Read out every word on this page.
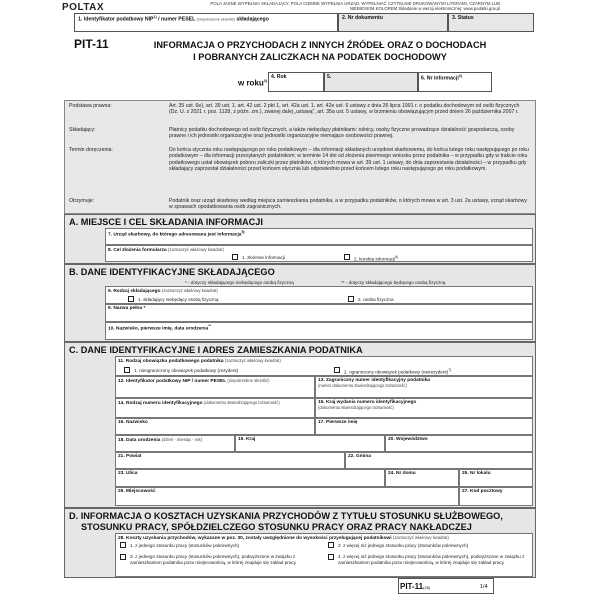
POLTAX	POLA JASNE WYPEŁNIA SKŁADAJĄCY, POLA CIEMNE WYPEŁNIA URZĄD. WYPEŁNIAĆ CZYTELNIE DRUKOWANYMI LITERAMI, CZARNYM LUB NIEBIESKIM KOLOREM Składanie w wersji elektronicznej: www.podatki.gov.pl
1. Identyfikator podatkowy NIP$^{1)}$ / numer PESEL (niepotrzebne skreślić) składającego	2. Nr dokumentu	3. Status
PIT-11	INFORMACJA O PRZYCHODACH Z INNYCH ŹRÓDEŁ ORAZ O DOCHODACH
I POBRANYCH ZALICZKACH NA PODATEK DOCHODOWY
w roku$^{2)}$
4. Rok	5.	6. Nr informacji$^{3)}$
Podstawa prawna:	Art. 35 ust. 6e), art. 39 ust. 1, art. 42 ust. 2 pkt 1, art. 42a ust. 1, art. 42e ust. 6 ustawy z dnia 26 lipca 1991 r. o podatku dochodowym od osób fizycznych (Dz. U. z 2021 r. poz. 1128, z późn. zm.), zwanej dalej „ustawą", art. 35a ust. 5 ustawy, w brzmieniu obowiązującym przed dniem 26 października 2007 r.
Składający:	Płatnicy podatku dochodowego od osób fizycznych, a także niebędący płatnikami: rolnicy, osoby fizyczne prowadzące działalność gospodarczą, osoby prawne i ich jednostki organizacyjne oraz jednostki organizacyjne niemające osobowości prawnej.
Termin doręczenia:	Do końca stycznia roku następującego po roku podatkowym – dla informacji składanych urzędowi skarbowemu, do końca lutego roku następującego po roku podatkowym – dla informacji przesyłanych podatnikom; w terminie 14 dni od złożenia pisemnego wniosku przez podatnika – w przypadku gdy w trakcie roku podatkowego ustał obowiązek poboru zaliczki przez płatników, o których mowa w art. 39 ust. 1 ustawy, do dnia zaprzestania działalności – w przypadku gdy składający zaprzestał działalności przed końcem stycznia lub odpowiednio przed końcem lutego roku następującego po roku podatkowym.
Otrzymuje:	Podatnik oraz urząd skarbowy według miejsca zamieszkania podatnika, a w przypadku podatników, o których mowa w art. 3 ust. 2a ustawy, urząd skarbowy w sprawach opodatkowania osób zagranicznych.
A. MIEJSCE I CEL SKŁADANIA INFORMACJI
7. Urząd skarbowy, do którego adresowana jest informacja$^{5)}$
8. Cel złożenia formularza (zaznaczyć właściwy kwadrat)
1. złożenie informacji	2. korekta informacji$^{6)}$
B. DANE IDENTYFIKACYJNE SKŁADAJĄCEGO
* - dotyczy składającego niebędącego osobą fizyczną	** - dotyczy składającego będącego osobą fizyczną
9. Rodzaj składającego (zaznaczyć właściwy kwadrat)
1. składający niebędący osobą fizyczną	2. osoba fizyczna
9. Nazwa pełna *
10. Nazwisko, pierwsze imię, data urodzenia**
C. DANE IDENTYFIKACYJNE I ADRES ZAMIESZKANIA PODATNIKA
11. Rodzaj obowiązku podatkowego podatnika (zaznaczyć właściwy kwadrat)
1. nieograniczony obowiązek podatkowy (rezydent)	2. ograniczony obowiązek podatkowy (nierezydent)$^{7)}$
12. Identyfikator podatkowy NIP / numer PESEL (niepotrzebne skreślić)	13. Zagraniczny numer identyfikacyjny podatnika
(numer dokumentu stwierdzającego tożsamość)
14. Rodzaj numeru identyfikacyjnego (dokumentu stwierdzającego tożsamość)	15. Kraj wydania numeru identyfikacyjnego
(dokumentu stwierdzającego tożsamość)
16. Nazwisko	17. Pierwsze imię
18. Data urodzenia (dzień - miesiąc - rok)	19. Kraj	20. Województwo
21. Powiat	22. Gmina
23. Ulica	24. Nr domu	25. Nr lokalu
26. Miejscowość	27. Kod pocztowy
D. INFORMACJA O KOSZTACH UZYSKANIA PRZYCHODÓW Z TYTUŁU STOSUNKU SŁUŻBOWEGO,
STOSUNKU PRACY, SPÓŁDZIELCZEGO STOSUNKU PRACY ORAZ PRACY NAKŁADCZEJ
28. Koszty uzyskania przychodów, wykazane w poz. 30, zostały uwzględnione do wysokości przysługującej podatnikowi (zaznaczyć właściwy kwadrat)
1. z jednego stosunku pracy (stosunków pokrewnych)	2. z więcej niż jednego stosunku pracy (stosunków pokrewnych)
3. z jednego stosunku pracy (stosunków pokrewnych), podwyższone w związku z zamieszkaniem podatnika poza miejscowością, w której znajduje się zakład pracy
4. z więcej niż jednego stosunku pracy (stosunków pokrewnych), podwyższone w związku z zamieszkaniem podatnika poza miejscowością, w której znajduje się zakład pracy
PIT-11(28)	1/4
